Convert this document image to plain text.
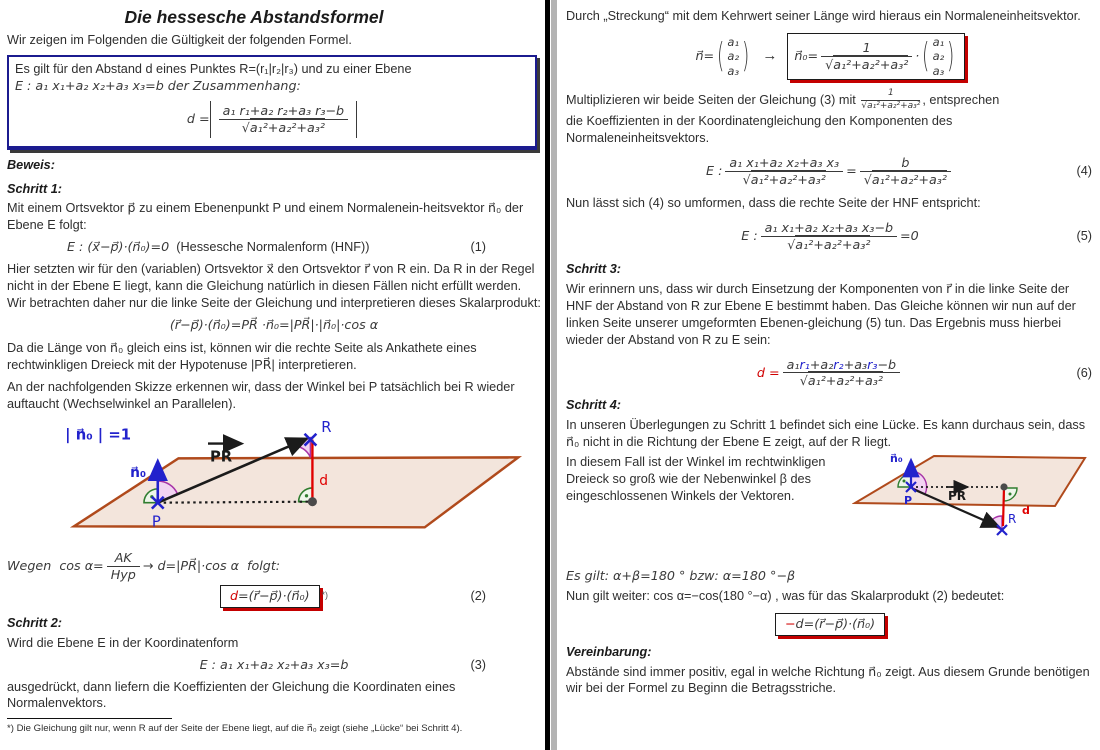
Die hessesche Abstandsformel

Wir zeigen im Folgenden die Gültigkeit der folgenden Formel.

Es gilt für den Abstand d eines Punktes R=(r₁|r₂|r₃) und zu einer Ebene
E : a₁ x₁+a₂ x₂+a₃ x₃=b der Zusammenhang:
$d = \frac{\text{a₁ r₁+a₂ r₂+a₃ r₃−b}}{\text{√a₁²+a₂²+a₃²}}$
Beweis:
Schritt 1:

Mit einem Ortsvektor p⃗ zu einem Ebenenpunkt P und einem Normalenein-heitsvektor n⃗₀ der Ebene E folgt:

E : (x⃗−p⃗)·(n⃗₀)=0 (Hessesche Normalenform (HNF))	(1)

Hier setzten wir für den (variablen) Ortsvektor x⃗ den Ortsvektor r⃗ von R ein. Da R in der Regel nicht in der Ebene E liegt, kann die Gleichung natürlich in diesen Fällen nicht erfüllt werden. Wir betrachten daher nur die linke Seite der Gleichung und interpretieren dieses Skalarprodukt:

(r⃗−p⃗)·(n⃗₀)=PR⃗ ·n⃗₀=|PR⃗|·|n⃗₀|·cos α

Da die Länge von n⃗₀ gleich eins ist, können wir die rechte Seite als Ankathete eines rechtwinkligen Dreieck mit der Hypotenuse |PR⃗| interpretieren.

An der nachfolgenden Skizze erkennen wir, dass der Winkel bei P tatsächlich bei R wieder auftaucht (Wechselwinkel an Parallelen).

| n⃗₀ | =1
n⃗₀
PR
R
d
P
Wegen  $\cos \alpha= \frac{AK}{\text{Hyp}}$ → d=|PR⃗|·cos α  folgt:
d=(r⃗−p⃗)·(n⃗₀)	*)	(2)
Schritt 2:

Wird die Ebene E in der Koordinatenform

E : a₁ x₁+a₂ x₂+a₃ x₃=b	(3)

ausgedrückt, dann liefern die Koeffizienten der Gleichung die Koordinaten eines Normalenvektors.

*) Die Gleichung gilt nur, wenn R auf der Seite der Ebene liegt, auf die n⃗₀ zeigt (siehe „Lücke“ bei Schritt 4).

Durch „Streckung“ mit dem Kehrwert seiner Länge wird hieraus ein Normaleneinheitsvektor.

n⃗= ( a₁
a₂
a₃ ) → n⃗₀= $\frac{1}{\text{√a₁²+a₂²+a₃²}}$ · ( a₁
a₂
a₃ )

Multiplizieren wir beide Seiten der Gleichung (3) mit $\frac{1}{\text{√a₁²+a₂²+a₃²}}$ , entsprechen
die Koeffizienten in der Koordinatengleichung den Komponenten des Normaleneinheitsvektors.

E : $\frac{\text{a₁ x₁+a₂ x₂+a₃ x₃}}{\text{√a₁²+a₂²+a₃²}} = \frac{b}{\text{√a₁²+a₂²+a₃²}}$	(4)

Nun lässt sich (4) so umformen, dass die rechte Seite der HNF entspricht:

E : $\frac{\text{a₁ x₁+a₂ x₂+a₃ x₃−b}}{\text{√a₁²+a₂²+a₃²}} =0$	(5)
Schritt 3:

Wir erinnern uns, dass wir durch Einsetzung der Komponenten von r⃗ in die linke Seite der HNF der Abstand von R zur Ebene E bestimmt haben. Das Gleiche können wir nun auf der linken Seite unserer umgeformten Ebenen-gleichung (5) tun. Das Ergebnis muss hierbei wieder der Abstand von R zu E sein:

$d = \frac{\text{a₁r₁+a₂r₂+a₃r₃−b}}{\text{√a₁²+a₂²+a₃²}}$	(6)
Schritt 4:

In unseren Überlegungen zu Schritt 1 befindet sich eine Lücke. Es kann durchaus sein, dass n⃗₀ nicht in die Richtung der Ebene E zeigt, auf der R liegt.

In diesem Fall ist der Winkel im rechtwinkligen Dreieck so groß wie der Nebenwinkel β des eingeschlossenen Winkels der Vektoren.

n⃗₀
P	PR
R
d

Es gilt: α+β=180 ° bzw: α=180 °−β

Nun gilt weiter: cos α=−cos(180 °−α) , was für das Skalarprodukt (2) bedeutet:

−d=(r⃗−p⃗)·(n⃗₀)
Vereinbarung:

Abstände sind immer positiv, egal in welche Richtung n⃗₀ zeigt. Aus diesem Grunde benötigen wir bei der Formel zu Beginn die Betragsstriche.
